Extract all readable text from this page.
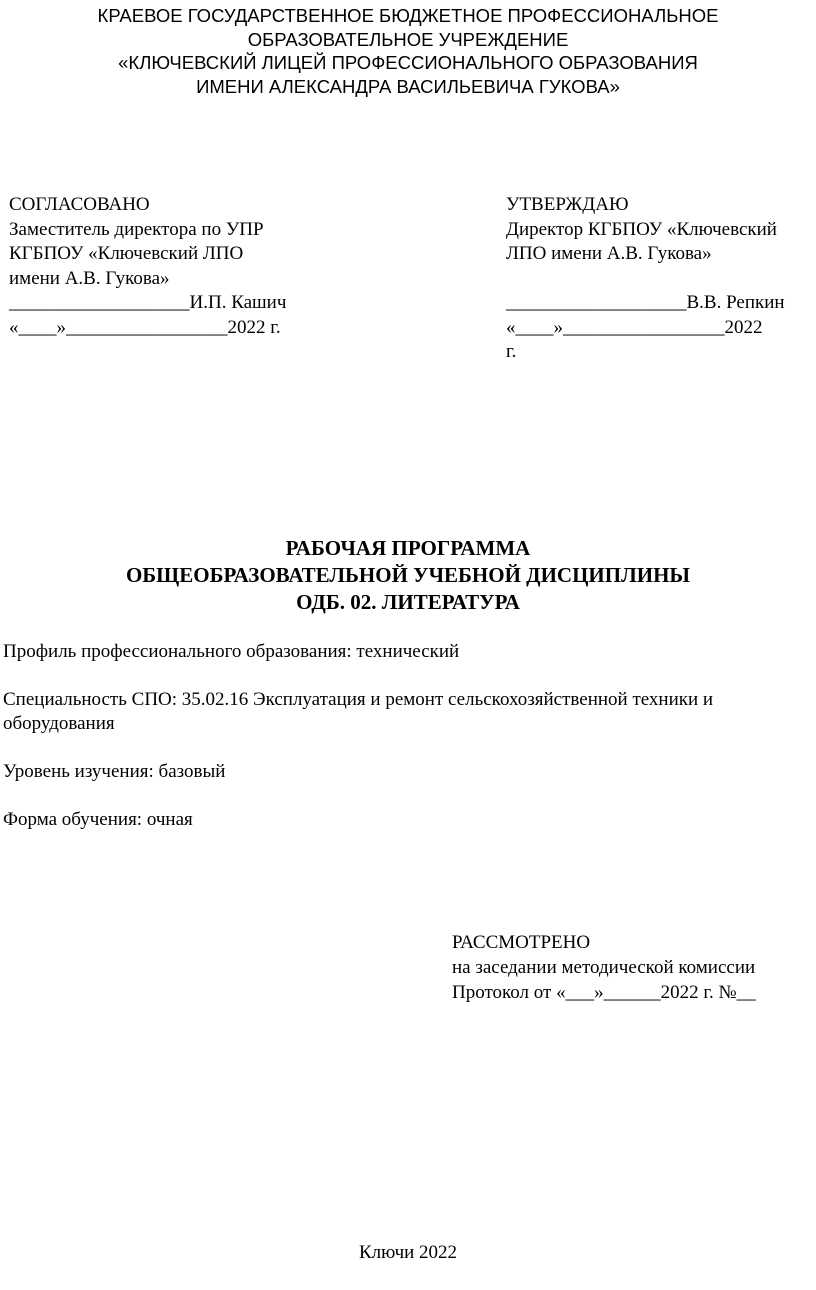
КРАЕВОЕ ГОСУДАРСТВЕННОЕ БЮДЖЕТНОЕ ПРОФЕССИОНАЛЬНОЕ
ОБРАЗОВАТЕЛЬНОЕ УЧРЕЖДЕНИЕ
«КЛЮЧЕВСКИЙ ЛИЦЕЙ ПРОФЕССИОНАЛЬНОГО ОБРАЗОВАНИЯ
ИМЕНИ АЛЕКСАНДРА ВАСИЛЬЕВИЧА ГУКОВА»
СОГЛАСОВАНО
Заместитель директора по УПР
КГБПОУ «Ключевский ЛПО
имени А.В. Гукова»
___________________И.П. Кашич
«____»_________________2022 г.
УТВЕРЖДАЮ
Директор КГБПОУ «Ключевский
ЛПО имени А.В. Гукова»

___________________В.В. Репкин
«____»_________________2022
г.
РАБОЧАЯ ПРОГРАММА
ОБЩЕОБРАЗОВАТЕЛЬНОЙ УЧЕБНОЙ ДИСЦИПЛИНЫ
ОДБ. 02. ЛИТЕРАТУРА
Профиль профессионального образования: технический
Специальность СПО: 35.02.16 Эксплуатация и ремонт сельскохозяйственной техники и
оборудования
Уровень изучения: базовый
Форма обучения: очная
РАССМОТРЕНО
на заседании методической комиссии
Протокол от «___»______2022 г. №__
Ключи 2022
